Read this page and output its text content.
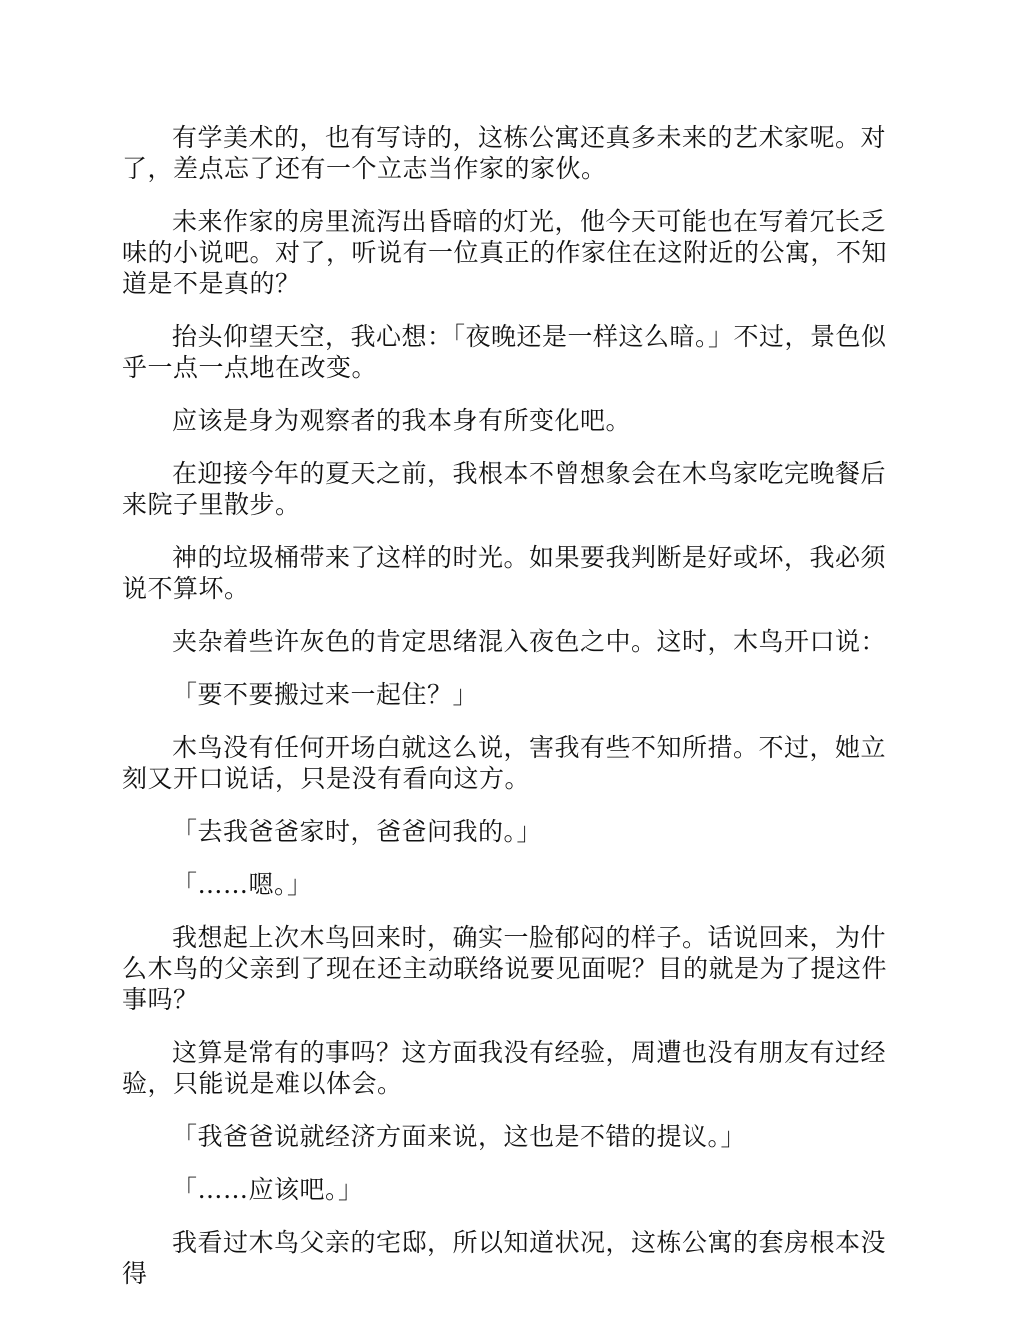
有学美术的，也有写诗的，这栋公寓还真多未来的艺术家呢。对了，差点忘了还有一个立志当作家的家伙。

未来作家的房里流泻出昏暗的灯光，他今天可能也在写着冗长乏味的小说吧。对了，听说有一位真正的作家住在这附近的公寓，不知道是不是真的？

抬头仰望天空，我心想：「夜晚还是一样这么暗。」不过，景色似乎一点一点地在改变。

应该是身为观察者的我本身有所变化吧。

在迎接今年的夏天之前，我根本不曾想象会在木鸟家吃完晚餐后来院子里散步。

神的垃圾桶带来了这样的时光。如果要我判断是好或坏，我必须说不算坏。

夹杂着些许灰色的肯定思绪混入夜色之中。这时，木鸟开口说：

「要不要搬过来一起住？」

木鸟没有任何开场白就这么说，害我有些不知所措。不过，她立刻又开口说话，只是没有看向这方。

「去我爸爸家时，爸爸问我的。」

「……嗯。」

我想起上次木鸟回来时，确实一脸郁闷的样子。话说回来，为什么木鸟的父亲到了现在还主动联络说要见面呢？目的就是为了提这件事吗？

这算是常有的事吗？这方面我没有经验，周遭也没有朋友有过经验，只能说是难以体会。

「我爸爸说就经济方面来说，这也是不错的提议。」

「……应该吧。」

我看过木鸟父亲的宅邸，所以知道状况，这栋公寓的套房根本没得
